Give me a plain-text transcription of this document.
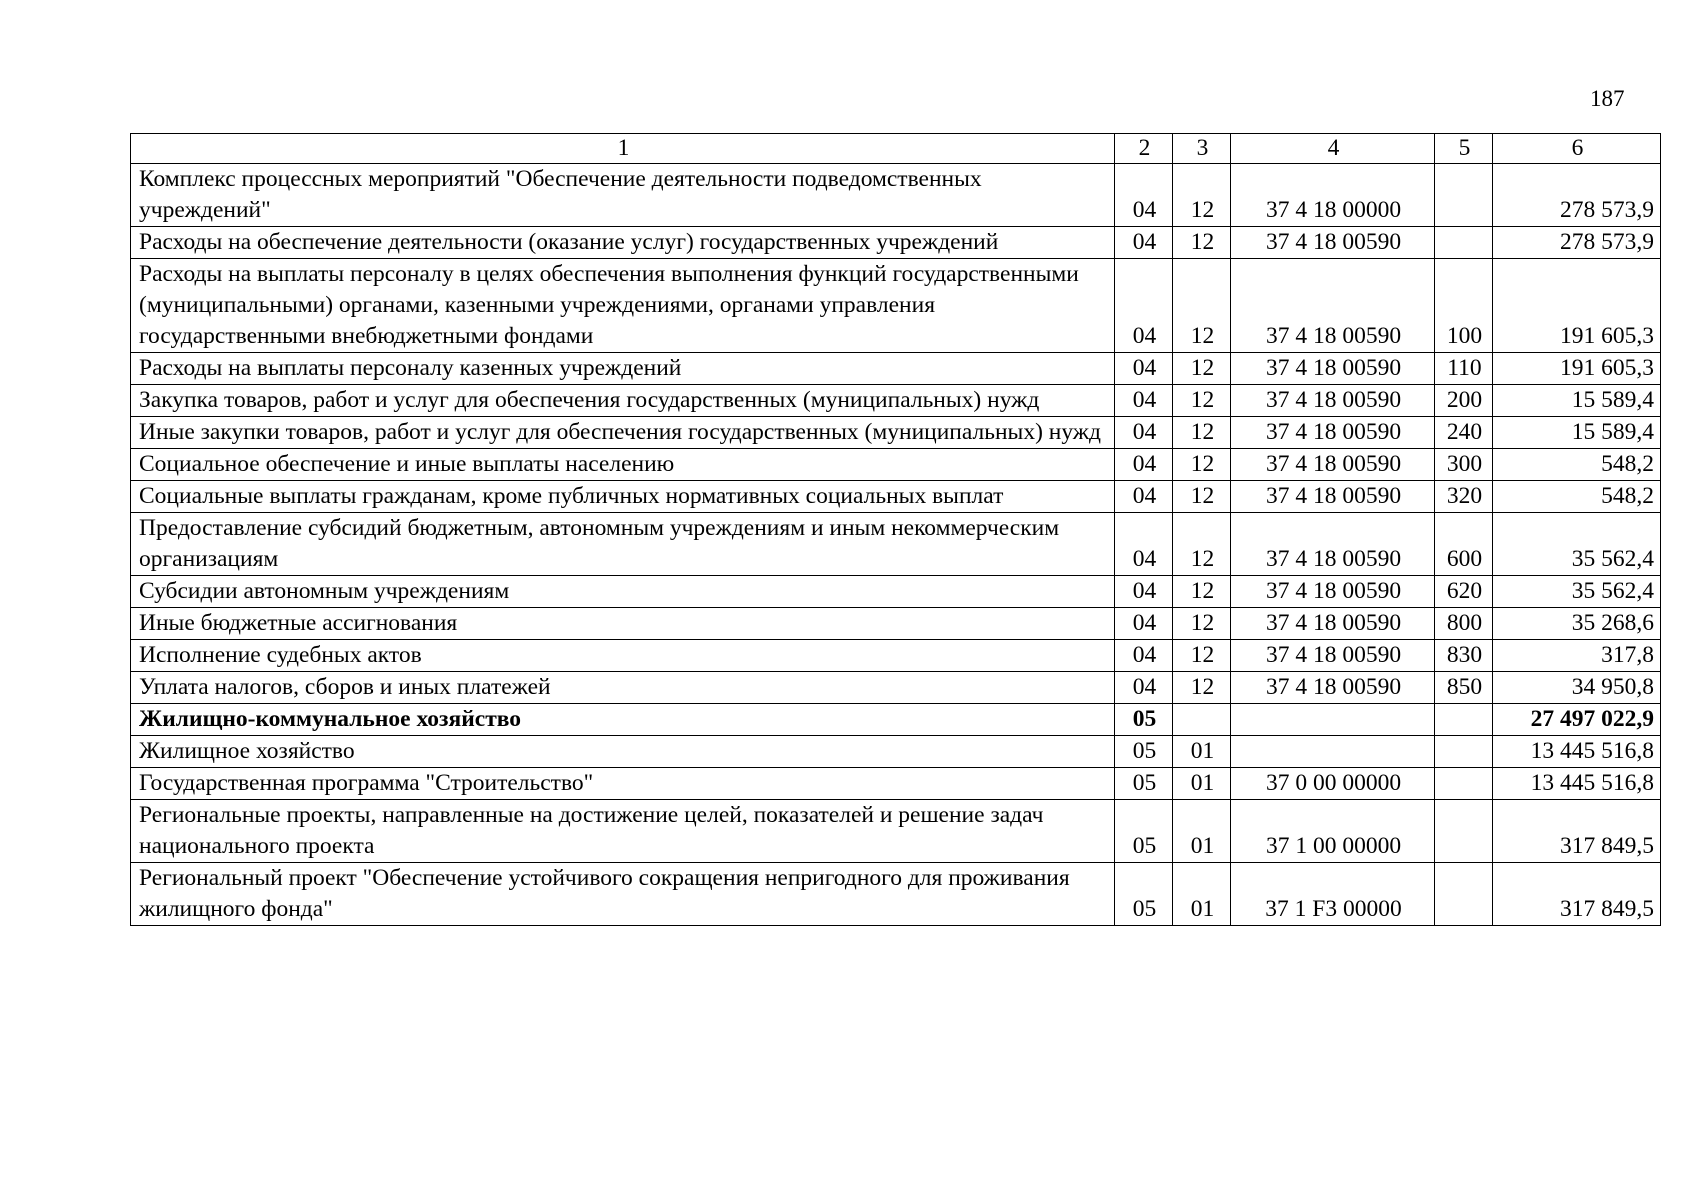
187
1	2	3	4	5	6
Комплекс процессных мероприятий "Обеспечение деятельности подведомственных учреждений"	04	12	37 4 18 00000		278 573,9
Расходы на обеспечение деятельности (оказание услуг) государственных учреждений	04	12	37 4 18 00590		278 573,9
Расходы на выплаты персоналу в целях обеспечения выполнения функций государственными (муниципальными) органами, казенными учреждениями, органами управления государственными внебюджетными фондами	04	12	37 4 18 00590	100	191 605,3
Расходы на выплаты персоналу казенных учреждений	04	12	37 4 18 00590	110	191 605,3
Закупка товаров, работ и услуг для обеспечения государственных (муниципальных) нужд	04	12	37 4 18 00590	200	15 589,4
Иные закупки товаров, работ и услуг для обеспечения государственных (муниципальных) нужд	04	12	37 4 18 00590	240	15 589,4
Социальное обеспечение и иные выплаты населению	04	12	37 4 18 00590	300	548,2
Социальные выплаты гражданам, кроме публичных нормативных социальных выплат	04	12	37 4 18 00590	320	548,2
Предоставление субсидий бюджетным, автономным учреждениям и иным некоммерческим организациям	04	12	37 4 18 00590	600	35 562,4
Субсидии автономным учреждениям	04	12	37 4 18 00590	620	35 562,4
Иные бюджетные ассигнования	04	12	37 4 18 00590	800	35 268,6
Исполнение судебных актов	04	12	37 4 18 00590	830	317,8
Уплата налогов, сборов и иных платежей	04	12	37 4 18 00590	850	34 950,8
Жилищно-коммунальное хозяйство	05				27 497 022,9
Жилищное хозяйство	05	01			13 445 516,8
Государственная программа "Строительство"	05	01	37 0 00 00000		13 445 516,8
Региональные проекты, направленные на достижение целей, показателей и решение задач национального проекта	05	01	37 1 00 00000		317 849,5
Региональный проект "Обеспечение устойчивого сокращения непригодного для проживания жилищного фонда"	05	01	37 1 F3 00000		317 849,5
